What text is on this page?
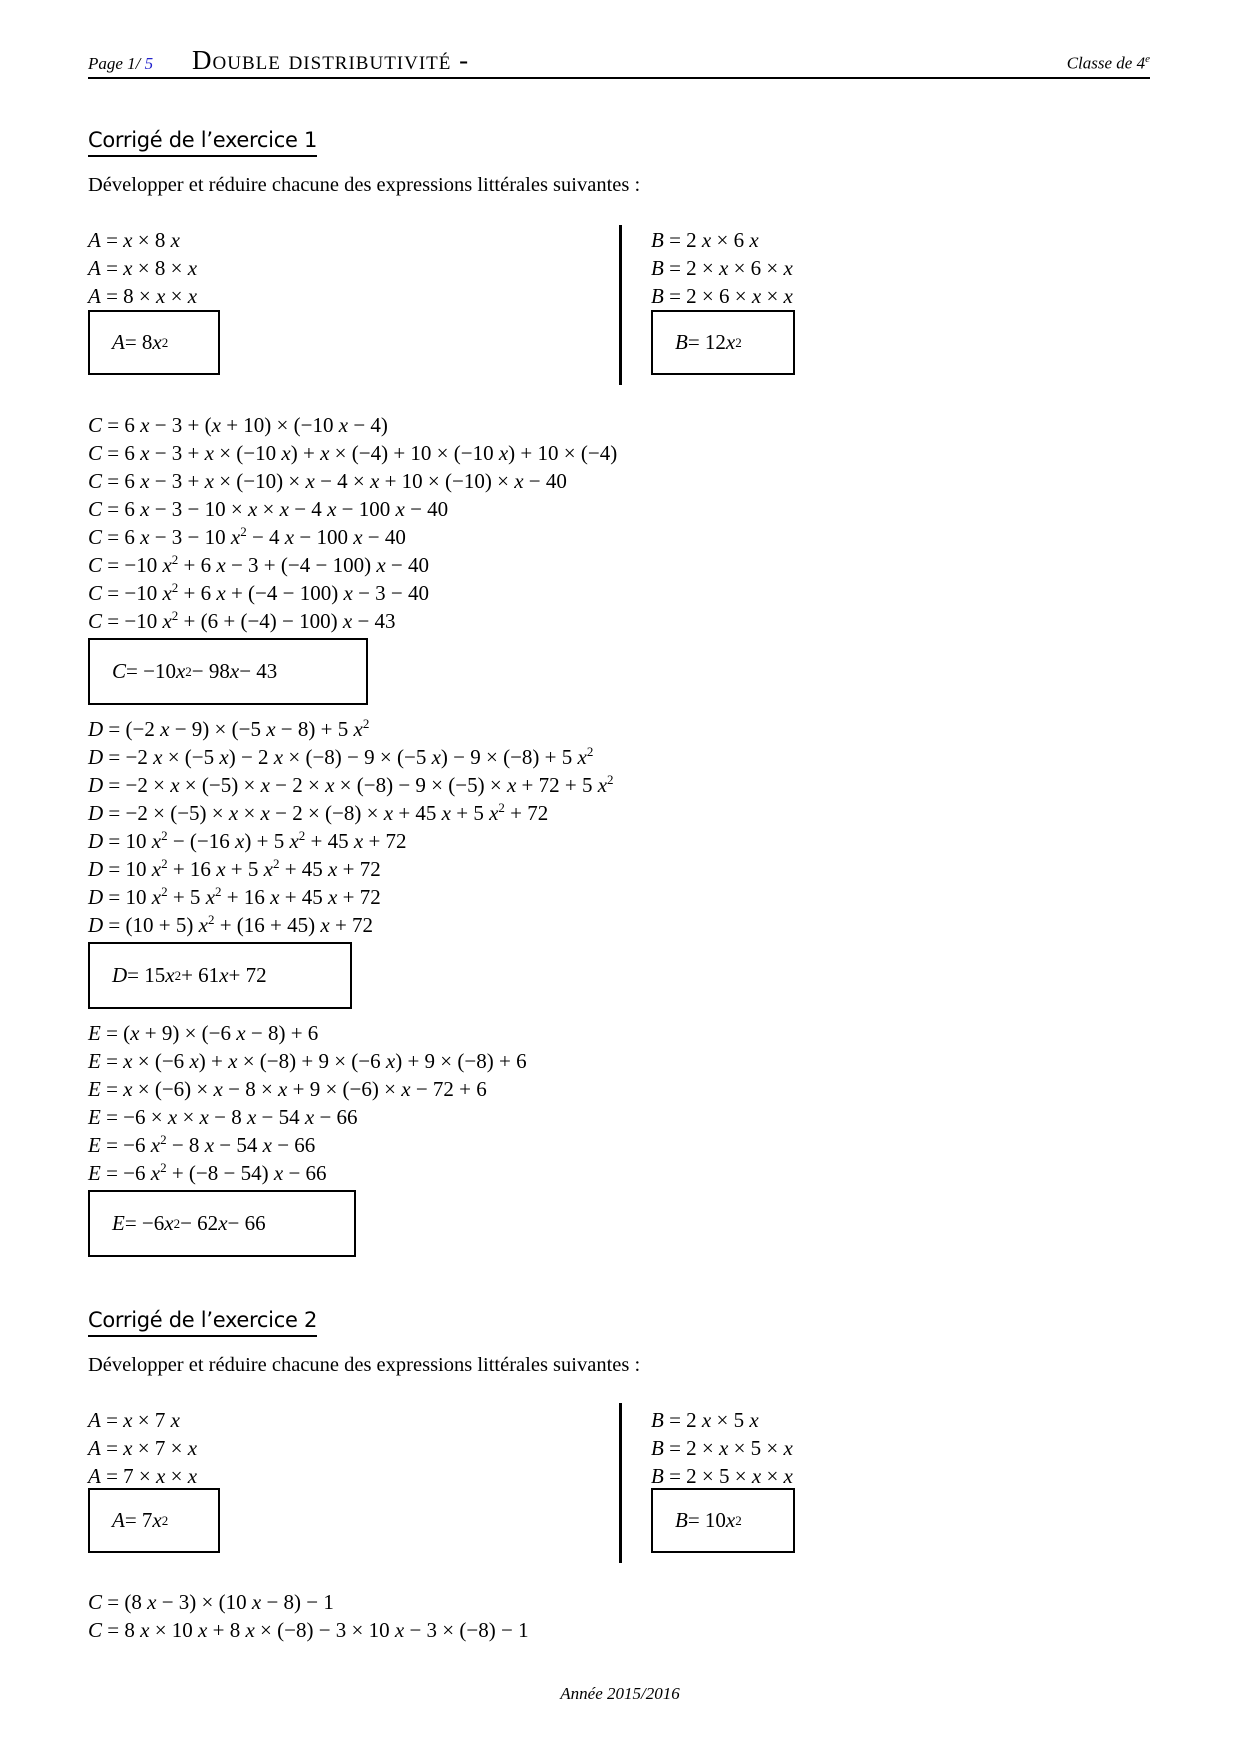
Page 1/ 5 Double distributivité -	Classe de 4e
Corrigé de l’exercice 1
Développer et réduire chacune des expressions littérales suivantes :
A = x × 8 x
A = x × 8 × x
A = 8 × x × x
A = 8 x 2
B = 2 x × 6 x
B = 2 × x × 6 × x
B = 2 × 6 × x × x
B = 12 x 2
C = 6 x − 3 + (x + 10) × (−10 x − 4)
C = 6 x − 3 + x × (−10 x) + x × (−4) + 10 × (−10 x) + 10 × (−4)
C = 6 x − 3 + x × (−10) × x − 4 × x + 10 × (−10) × x − 40
C = 6 x − 3 − 10 × x × x − 4 x − 100 x − 40
C = 6 x − 3 − 10 $x^2 - 4$ x − 100 x − 40
C = −10 $x^2 + 6$ x − 3 + (−4 − 100) x − 40
C = −10 $x^2 + 6$ x + (−4 − 100) x − 3 − 40
C = −10 $x^2 + (6 + (-4) - 100) x - 43$
C = −10 x 2 − 98 x − 43
D = (−2 x − 9) × (−5 x − 8) + 5 $x^2$
D = −2 x × (−5 x) − 2 x × (−8) − 9 × (−5 x) − 9 × (−8) + 5 $x^2$
D = −2 × x × (−5) × x − 2 × x × (−8) − 9 × (−5) × x + 72 + 5 $x^2$
D = −2 × (−5) × x × x − 2 × (−8) × x + 45 x + 5 $x^2 + 72$
D = 10 $x^2 - (-16$ x) + 5 $x^2 + 45$ x + 72
D = 10 $x^2 + 16$ x + 5 $x^2 + 45$ x + 72
D = 10 $x^2 + 5$ $x^2 + 16$ x + 45 x + 72
D = (10 + 5) $x^2 + (16 + 45) x + 72$
D = 15 x 2 + 61 x + 72
E = (x + 9) × (−6 x − 8) + 6
E = x × (−6 x) + x × (−8) + 9 × (−6 x) + 9 × (−8) + 6
E = x × (−6) × x − 8 × x + 9 × (−6) × x − 72 + 6
E = −6 × x × x − 8 x − 54 x − 66
E = −6 $x^2 - 8$ x − 54 x − 66
E = −6 $x^2 + (-8 - 54) x - 66$
E = −6 x 2 − 62 x − 66
Corrigé de l’exercice 2
Développer et réduire chacune des expressions littérales suivantes :
A = x × 7 x
A = x × 7 × x
A = 7 × x × x
A = 7 x 2
B = 2 x × 5 x
B = 2 × x × 5 × x
B = 2 × 5 × x × x
B = 10 x 2
C = (8 x − 3) × (10 x − 8) − 1
C = 8 x × 10 x + 8 x × (−8) − 3 × 10 x − 3 × (−8) − 1
Année 2015/2016
